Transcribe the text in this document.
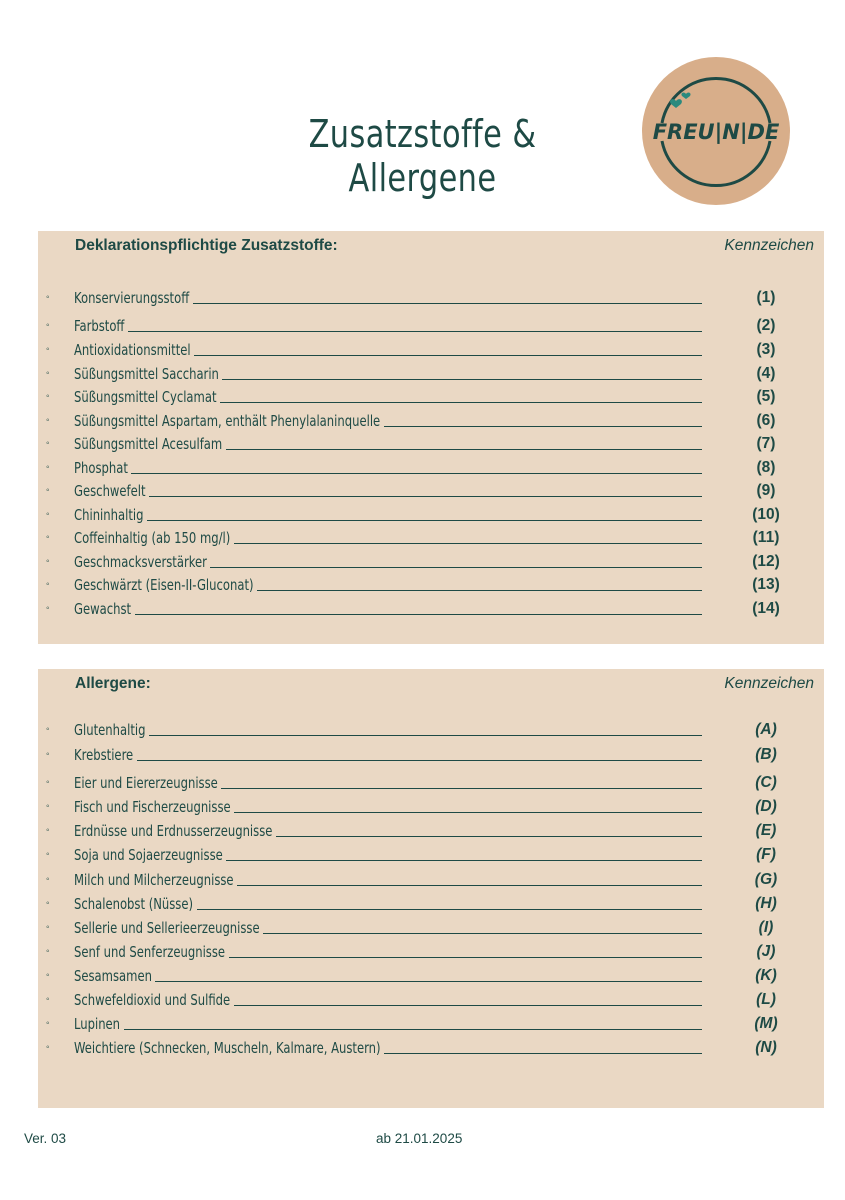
Zusatzstoffe & Allergene
FREU|N|DE
Deklarationspflichtige Zusatzstoffe:	Kennzeichen
◦ Konservierungsstoff	(1)
◦ Farbstoff	(2)
◦ Antioxidationsmittel	(3)
◦ Süßungsmittel Saccharin	(4)
◦ Süßungsmittel Cyclamat	(5)
◦ Süßungsmittel Aspartam, enthält Phenylalaninquelle	(6)
◦ Süßungsmittel Acesulfam	(7)
◦ Phosphat	(8)
◦ Geschwefelt	(9)
◦ Chininhaltig	(10)
◦ Coffeinhaltig (ab 150 mg/l)	(11)
◦ Geschmacksverstärker	(12)
◦ Geschwärzt (Eisen-II-Gluconat)	(13)
◦ Gewachst	(14)
Allergene:	Kennzeichen
◦ Glutenhaltig	(A)
◦ Krebstiere	(B)
◦ Eier und Eiererzeugnisse	(C)
◦ Fisch und Fischerzeugnisse	(D)
◦ Erdnüsse und Erdnusserzeugnisse	(E)
◦ Soja und Sojaerzeugnisse	(F)
◦ Milch und Milcherzeugnisse	(G)
◦ Schalenobst (Nüsse)	(H)
◦ Sellerie und Sellerieerzeugnisse	(I)
◦ Senf und Senferzeugnisse	(J)
◦ Sesamsamen	(K)
◦ Schwefeldioxid und Sulfide	(L)
◦ Lupinen	(M)
◦ Weichtiere (Schnecken, Muscheln, Kalmare, Austern)	(N)
Ver. 03	ab 21.01.2025
